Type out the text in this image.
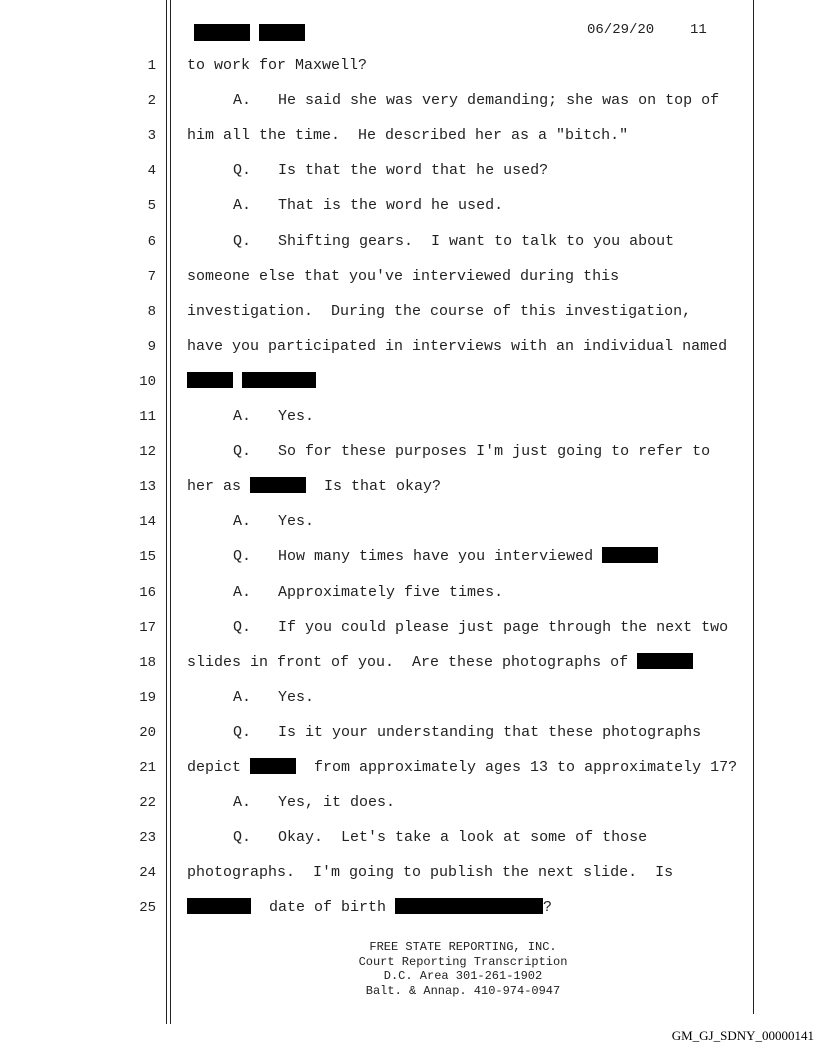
06/29/20	11
1 to work for Maxwell?
2	A. He said she was very demanding; she was on top of
3 him all the time.  He described her as a "bitch."
4	Q. Is that the word that he used?
5	A. That is the word he used.
6	Q. Shifting gears.  I want to talk to you about
7 someone else that you've interviewed during this
8 investigation.  During the course of this investigation,
9 have you participated in interviews with an individual named
10

11	A. Yes.
12	Q. So for these purposes I'm just going to refer to
13 her as	Is that okay?
14	A. Yes.
15	Q. How many times have you interviewed
16	A. Approximately five times.
17	Q. If you could please just page through the next two
18 slides in front of you.  Are these photographs of
19	A. Yes.
20	Q. Is it your understanding that these photographs
21 depict	from approximately ages 13 to approximately 17?
22	A. Yes, it does.
23	Q. Okay.  Let's take a look at some of those
24 photographs.  I'm going to publish the next slide.  Is
25	date of birth	?
FREE STATE REPORTING, INC.
Court Reporting Transcription
D.C. Area 301-261-1902
Balt. & Annap. 410-974-0947
GM_GJ_SDNY_00000141
